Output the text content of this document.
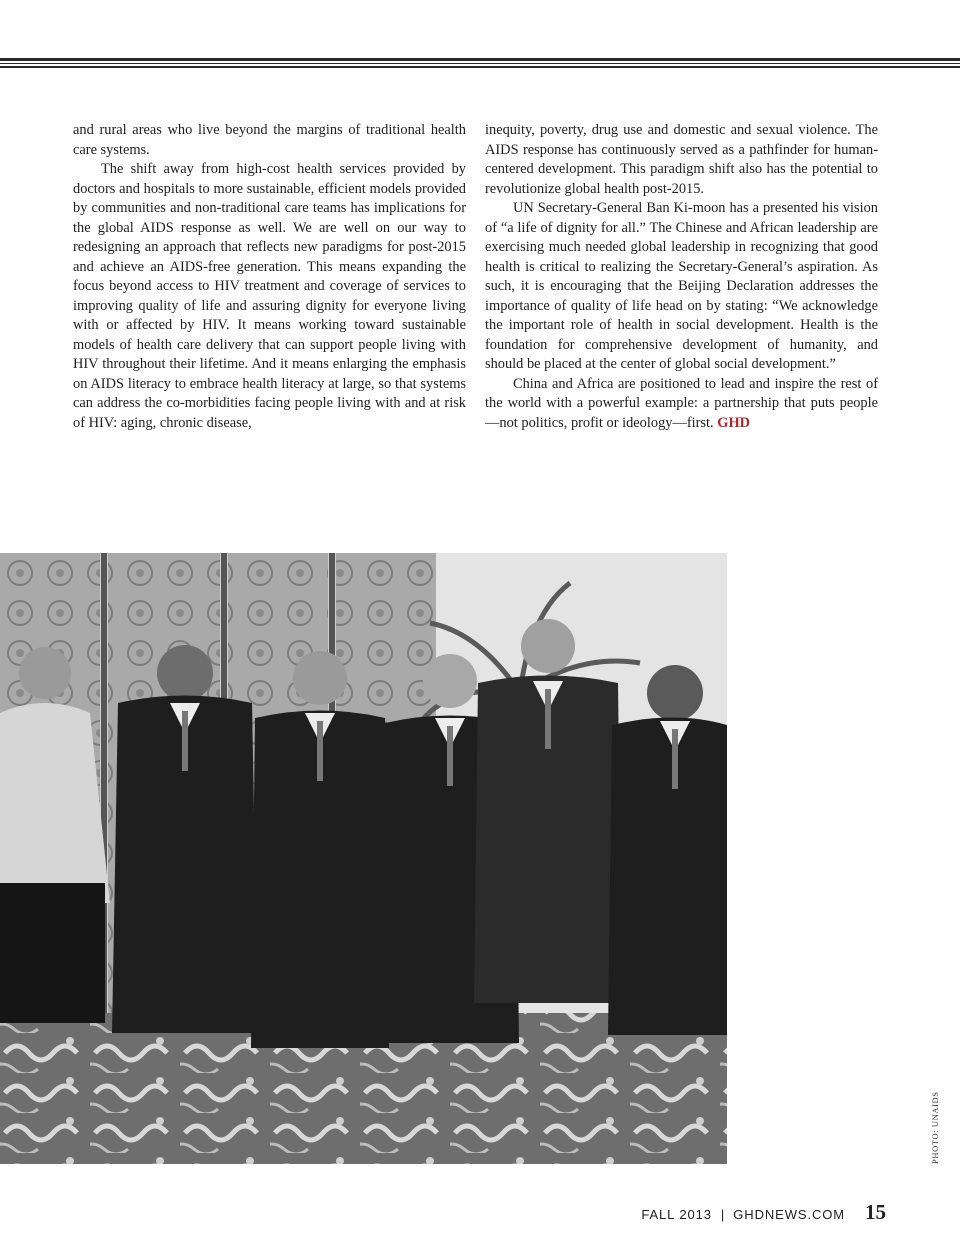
and rural areas who live beyond the margins of traditional health care systems.

The shift away from high-cost health services provided by doctors and hospitals to more sustainable, efficient models provided by communities and non-traditional care teams has implications for the global AIDS response as well. We are well on our way to redesigning an approach that reflects new paradigms for post-2015 and achieve an AIDS-free generation. This means expanding the focus beyond access to HIV treatment and coverage of services to improving quality of life and assuring dignity for everyone living with or affected by HIV. It means working toward sustainable models of health care delivery that can support people living with HIV throughout their lifetime. And it means enlarging the emphasis on AIDS literacy to embrace health literacy at large, so that systems can address the co-morbidities facing people living with and at risk of HIV: aging, chronic disease,

inequity, poverty, drug use and domestic and sexual violence. The AIDS response has continuously served as a pathfinder for human-centered development. This paradigm shift also has the potential to revolutionize global health post-2015.

UN Secretary-General Ban Ki-moon has a presented his vision of “a life of dignity for all.” The Chinese and African leadership are exercising much needed global leadership in recognizing that good health is critical to realizing the Secretary-General’s aspiration. As such, it is encouraging that the Beijing Declaration addresses the importance of quality of life head on by stating: “We acknowledge the important role of health in social development. Health is the foundation for comprehensive development of humanity, and should be placed at the center of global social development.”

China and Africa are positioned to lead and inspire the rest of the world with a powerful example: a partnership that puts people—not politics, profit or ideology—first. GHD

PHOTO: UNAIDS
FALL 2013 | GHDNEWS.COM 15
